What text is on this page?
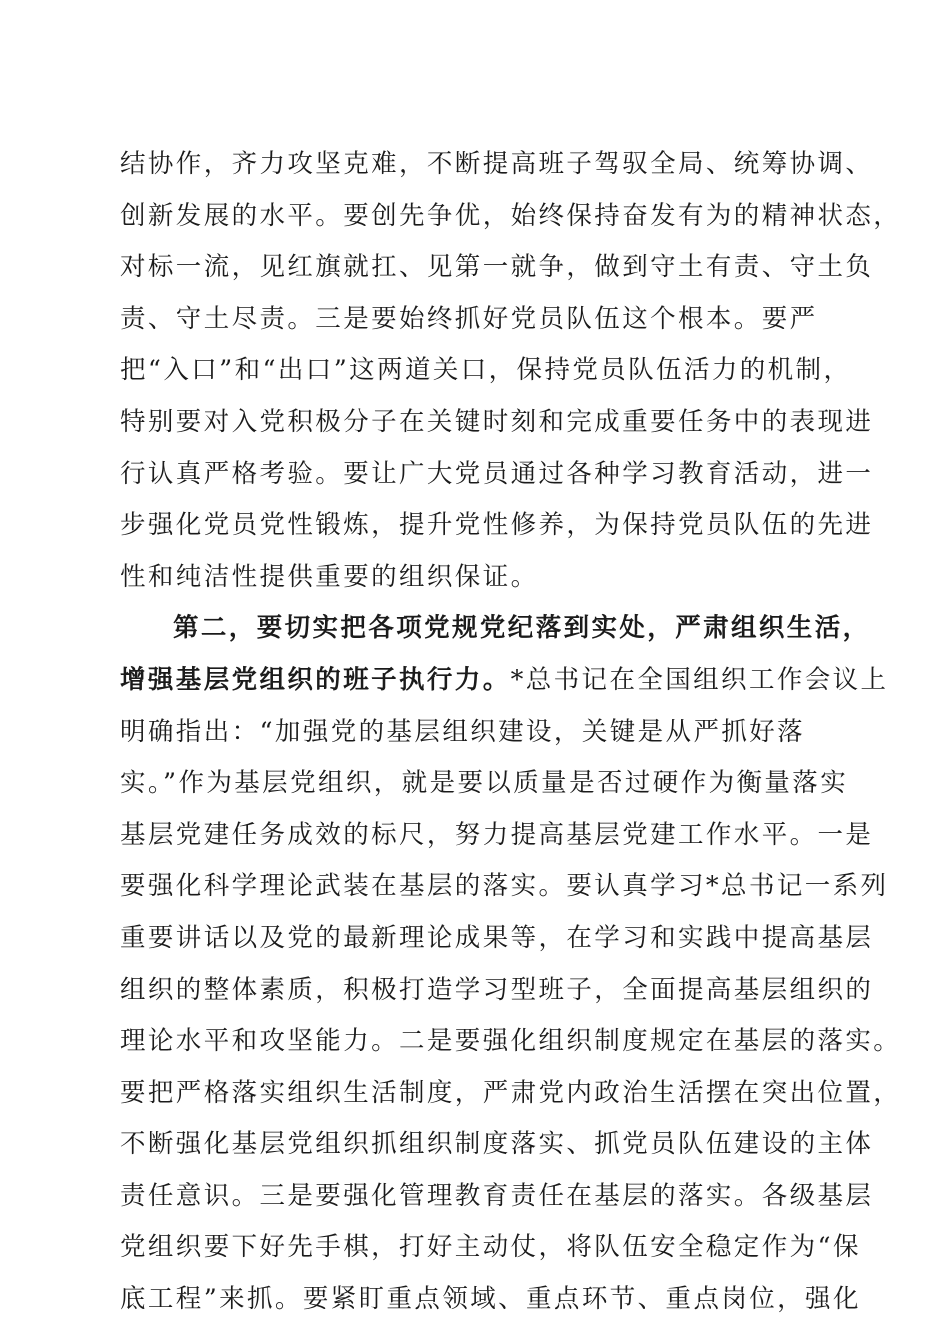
结协作，齐力攻坚克难，不断提高班子驾驭全局、统筹协调、
创新发展的水平。要创先争优，始终保持奋发有为的精神状态，
对标一流，见红旗就扛、见第一就争，做到守土有责、守土负
责、守土尽责。三是要始终抓好党员队伍这个根本。要严
把“入口”和“出口”这两道关口，保持党员队伍活力的机制，
特别要对入党积极分子在关键时刻和完成重要任务中的表现进
行认真严格考验。要让广大党员通过各种学习教育活动，进一
步强化党员党性锻炼，提升党性修养，为保持党员队伍的先进
性和纯洁性提供重要的组织保证。
第二，要切实把各项党规党纪落到实处，严肃组织生活，
增强基层党组织的班子执行力。*总书记在全国组织工作会议上
明确指出：“加强党的基层组织建设，关键是从严抓好落
实。”作为基层党组织，就是要以质量是否过硬作为衡量落实
基层党建任务成效的标尺，努力提高基层党建工作水平。一是
要强化科学理论武装在基层的落实。要认真学习*总书记一系列
重要讲话以及党的最新理论成果等，在学习和实践中提高基层
组织的整体素质，积极打造学习型班子，全面提高基层组织的
理论水平和攻坚能力。二是要强化组织制度规定在基层的落实。
要把严格落实组织生活制度，严肃党内政治生活摆在突出位置，
不断强化基层党组织抓组织制度落实、抓党员队伍建设的主体
责任意识。三是要强化管理教育责任在基层的落实。各级基层
党组织要下好先手棋，打好主动仗，将队伍安全稳定作为“保
底工程”来抓。要紧盯重点领域、重点环节、重点岗位，强化
